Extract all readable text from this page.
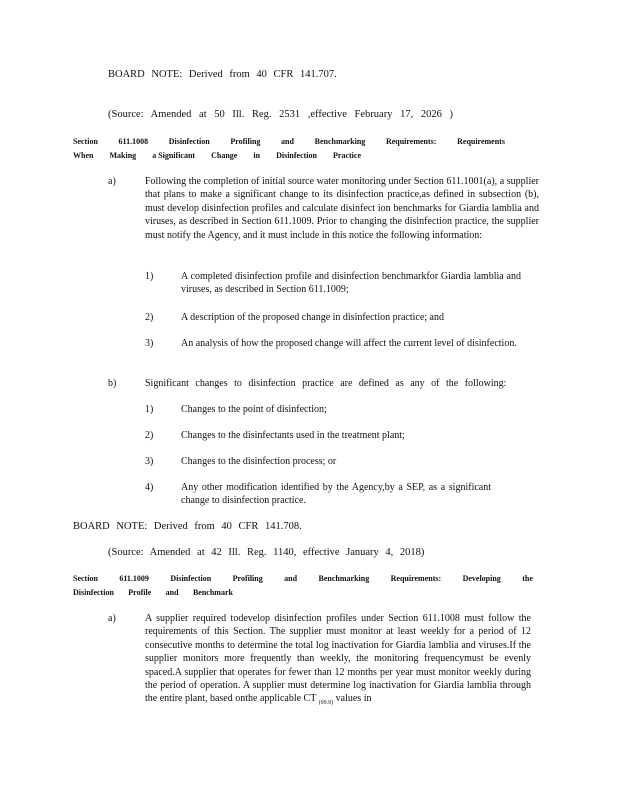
BOARD NOTE: Derived from 40 CFR 141.707.
(Source: Amended at 50 Ill. Reg. 2531 ,effective February 17, 2026 )
Section	611.1008	Disinfection	Profiling	and	Benchmarking	Requirements:	Requirements
When Making a Significant Change in Disinfection Practice
a)	Following the completion of initial source water monitoring under Section 611.1001(a), a supplier that plans to make a significant change to its disinfection practice,as defined in subsection (b), must develop disinfection profiles and calculate disinfect ion benchmarks for Giardia lamblia and viruses, as described in Section 611.1009. Prior to changing the disinfection practice, the supplier must notify the Agency, and it must include in this notice the following information:
1)	A completed disinfection profile and disinfection benchmarkfor Giardia lamblia and viruses, as described in Section 611.1009;
2)	A description of the proposed change in disinfection practice; and
3)	An analysis of how the proposed change will affect the current level of disinfection.
b)	Significant changes to disinfection practice are defined as any of the following:
1)	Changes to the point of disinfection;
2)	Changes to the disinfectants used in the treatment plant;
3)	Changes to the disinfection process; or
4)	Any other modification identified by the Agency,by a SEP, as a significant change to disinfection practice.
BOARD NOTE: Derived from 40 CFR 141.708.
(Source: Amended at 42 Ill. Reg. 1140, effective January 4, 2018)
Section	611.1009	Disinfection	Profiling	and	Benchmarking	Requirements:	Developing	the
Disinfection Profile and Benchmark
a)	A supplier required todevelop disinfection profiles under Section 611.1008 must follow the requirements of this Section. The supplier must monitor at least weekly for a period of 12 consecutive months to determine the total log inactivation for Giardia lamblia and viruses.If the supplier monitors more frequently than weekly, the monitoring frequencymust be evenly spaced.A supplier that operates for fewer than 12 months per year must monitor weekly during the period of operation. A supplier must determine log inactivation for Giardia lamblia through the entire plant, based onthe applicable CT $_{(99.9)}$ values in
